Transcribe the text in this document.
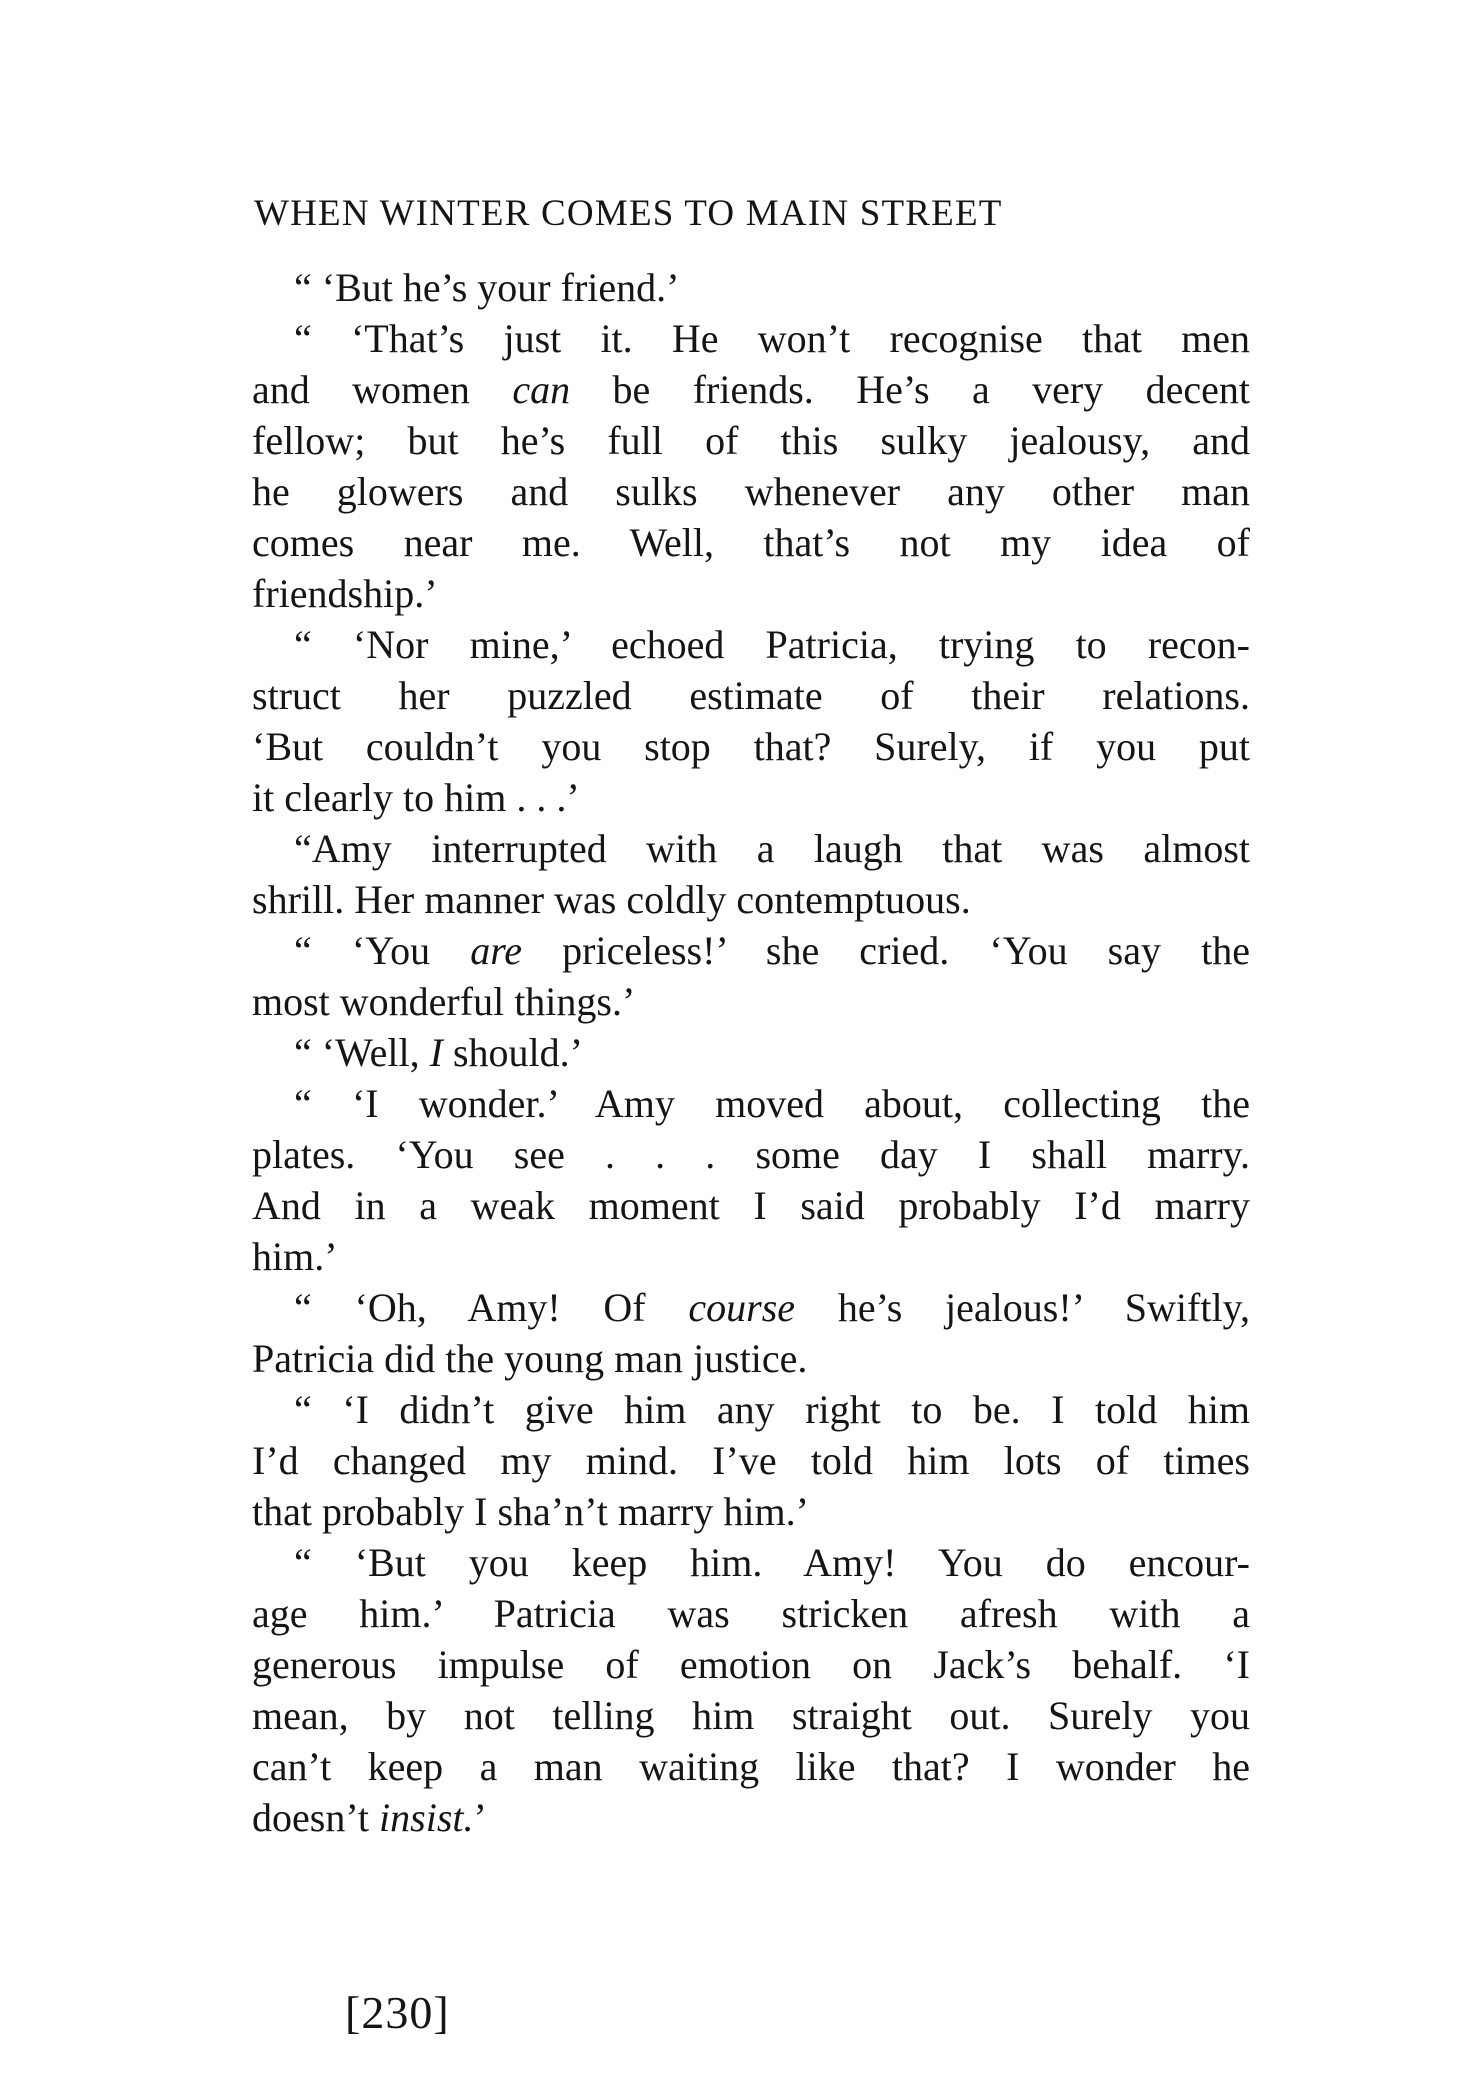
WHEN WINTER COMES TO MAIN STREET
“ ‘But he’s your friend.’
“ ‘That’s just it. He won’t recognise that men
and women can be friends. He’s a very decent
fellow; but he’s full of this sulky jealousy, and
he glowers and sulks whenever any other man
comes near me. Well, that’s not my idea of
friendship.’
“ ‘Nor mine,’ echoed Patricia, trying to recon-
struct her puzzled estimate of their relations.
‘But couldn’t you stop that? Surely, if you put
it clearly to him . . .’
“Amy interrupted with a laugh that was almost
shrill. Her manner was coldly contemptuous.
“ ‘You are priceless!’ she cried. ‘You say the
most wonderful things.’
“ ‘Well, I should.’
“ ‘I wonder.’ Amy moved about, collecting the
plates. ‘You see . . . some day I shall marry.
And in a weak moment I said probably I’d marry
him.’
“ ‘Oh, Amy! Of course he’s jealous!’ Swiftly,
Patricia did the young man justice.
“ ‘I didn’t give him any right to be. I told him
I’d changed my mind. I’ve told him lots of times
that probably I sha’n’t marry him.’
“ ‘But you keep him. Amy! You do encour-
age him.’ Patricia was stricken afresh with a
generous impulse of emotion on Jack’s behalf. ‘I
mean, by not telling him straight out. Surely you
can’t keep a man waiting like that? I wonder he
doesn’t insist.’
[230]
